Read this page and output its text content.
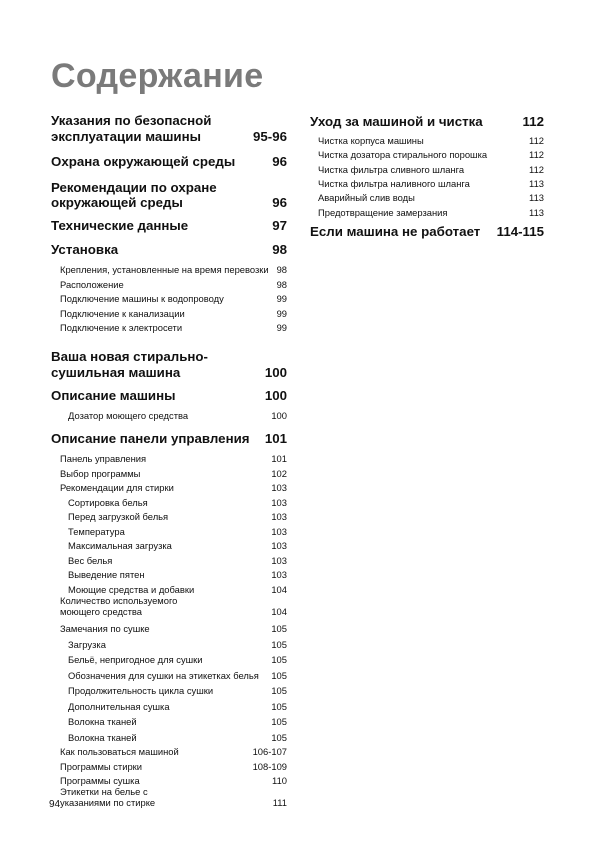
Содержание
Указания по безопасной эксплуатации машины	95-96
Охрана окружающей среды	96
Рекомендации по охране окружающей среды	96
Технические данные	97
Установка	98
Крепления, установленные на время перевозки 98
Расположение	98
Подключение машины к водопроводу	99
Подключение к канализации	99
Подключение к электросети	99
Ваша новая стирально-сушильная машина	100
Описание машины	100
Дозатор моющего средства	100
Описание панели управления	101
Панель управления	101
Выбор программы	102
Рекомендации для стирки	103
Сортировка белья	103
Перед загрузкой белья	103
Температура	103
Максимальная загрузка	103
Вес белья	103
Выведение пятен	103
Моющие средства и добавки	104
Количество используемого моющего средства	104
Замечания по сушке	105
Загрузка	105
Бельё, непригодное для сушки	105
Обозначения для сушки на этикетках белья	105
Продолжительность цикла сушки	105
Дополнительная сушка	105
Волокна тканей	105
Волокна тканей	105
Как пользоваться машиной	106-107
Программы стирки	108-109
Программы сушка	110
Этикетки на белье с указаниями по стирке	111
Уход за машиной и чистка	112
Чистка корпуса машины	112
Чистка дозатора стирального порошка	112
Чистка фильтра сливного шланга	112
Чистка фильтра наливного шланга	113
Аварийный слив воды	113
Предотвращение замерзания	113
Если машина не работает	114-115
94
